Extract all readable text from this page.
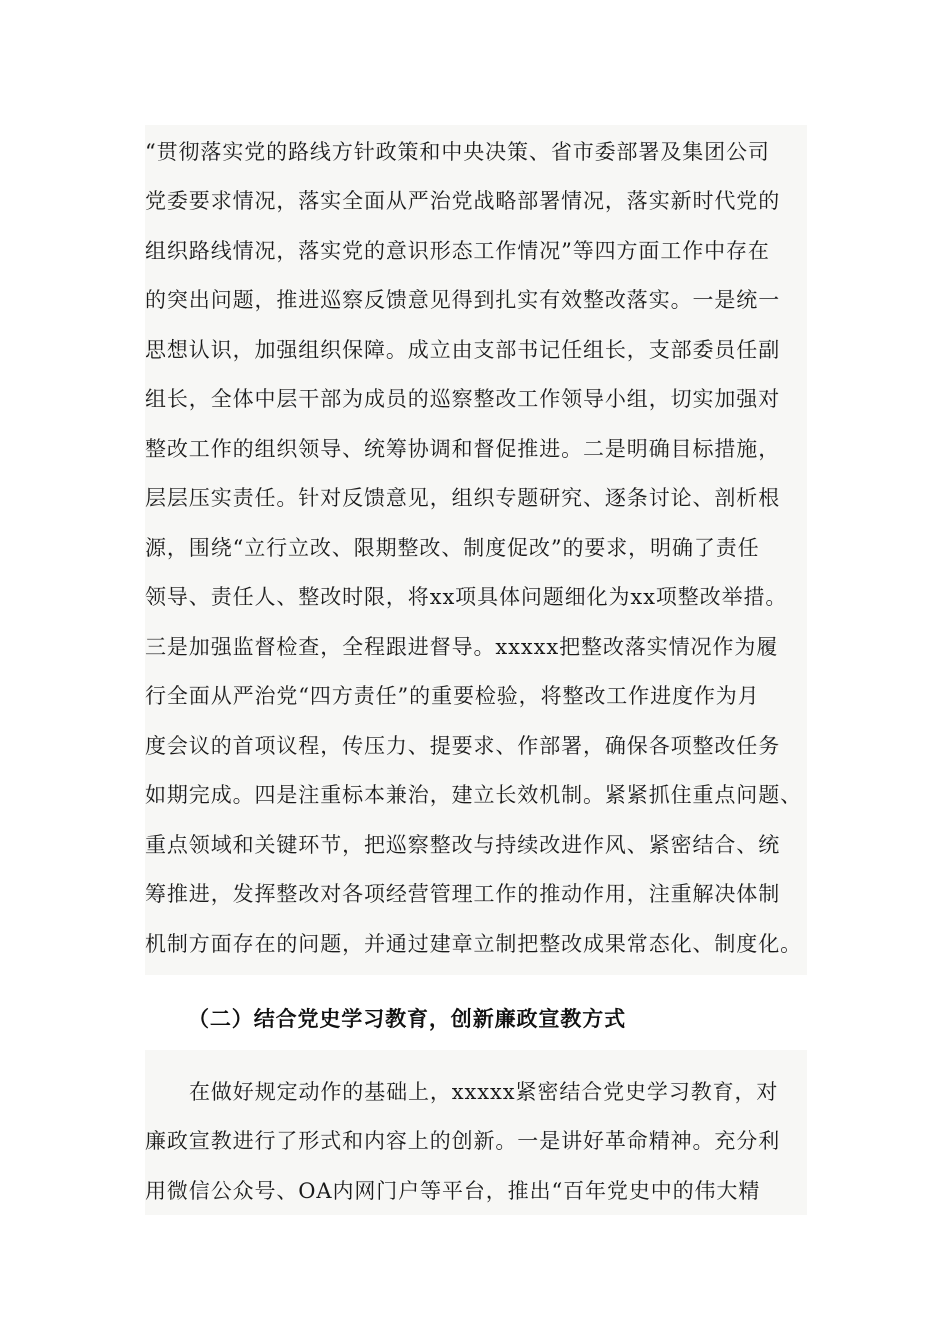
“贯彻落实党的路线方针政策和中央决策、省市委部署及集团公司
党委要求情况，落实全面从严治党战略部署情况，落实新时代党的
组织路线情况，落实党的意识形态工作情况”等四方面工作中存在
的突出问题，推进巡察反馈意见得到扎实有效整改落实。一是统一
思想认识，加强组织保障。成立由支部书记任组长，支部委员任副
组长，全体中层干部为成员的巡察整改工作领导小组，切实加强对
整改工作的组织领导、统筹协调和督促推进。二是明确目标措施，
层层压实责任。针对反馈意见，组织专题研究、逐条讨论、剖析根
源，围绕“立行立改、限期整改、制度促改”的要求，明确了责任
领导、责任人、整改时限，将xx项具体问题细化为xx项整改举措。
三是加强监督检查，全程跟进督导。xxxxx把整改落实情况作为履
行全面从严治党“四方责任”的重要检验，将整改工作进度作为月
度会议的首项议程，传压力、提要求、作部署，确保各项整改任务
如期完成。四是注重标本兼治，建立长效机制。紧紧抓住重点问题、
重点领域和关键环节，把巡察整改与持续改进作风、紧密结合、统
筹推进，发挥整改对各项经营管理工作的推动作用，注重解决体制
机制方面存在的问题，并通过建章立制把整改成果常态化、制度化。
（二）结合党史学习教育，创新廉政宣教方式
在做好规定动作的基础上，xxxxx紧密结合党史学习教育，对
廉政宣教进行了形式和内容上的创新。一是讲好革命精神。充分利
用微信公众号、OA内网门户等平台，推出“百年党史中的伟大精
